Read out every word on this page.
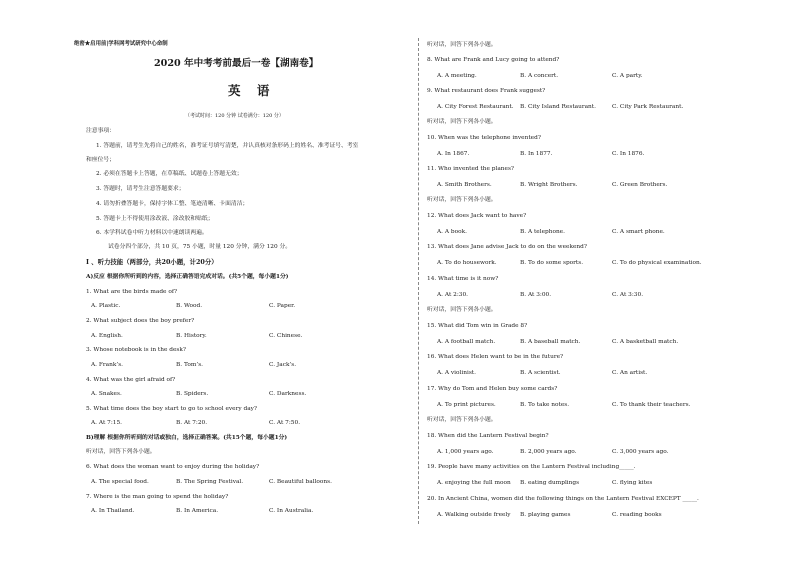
绝密★启用前|学科网考试研究中心命制
2020 年中考考前最后一卷【湖南卷】
英 语
（考试时间：120 分钟 试卷满分：120 分）
注意事项：
1. 答题前，请考生先将自己的姓名，准考证号填写清楚，并认真核对条形码上的姓名、准考证号、考室
和座位号；
2. 必须在答题卡上答题，在草稿纸、试题卷上答题无效；
3. 答题时，请考生注意答题要求；
4. 请勿折叠答题卡，保持字体工整、笔迹清晰、卡面清洁；
5. 答题卡上不得使用涂改液、涂改胶和贴纸；
6. 本学科试卷中听力材料以中速朗读两遍。
试卷分四个部分，共 10 页，75 小题，时量 120 分钟，满分 120 分。
I 、听力技能（两部分，共20小题，计20分）
A)反应 根据你所听到的内容，选择正确答语完成对话。(共5个题，每小题1分)
1. What are the birds made of?
A. Plastic.	B. Wood.	C. Paper.
2. What subject does the boy prefer?
A. English.	B. History.	C. Chinese.
3. Whose notebook is in the desk?
A. Frank’s.	B. Tom’s.	C. Jack’s.
4. What was the girl afraid of?
A. Snakes.	B. Spiders.	C. Darkness.
5. What time does the boy start to go to school every day?
A. At 7:15.	B. At 7:20.	C. At 7:50.
B)理解 根据你所听到的对话或独白，选择正确答案。(共15个题，每小题1分)
听对话，回答下列各小题。
6. What does the woman want to enjoy during the holiday?
A. The special food.	B. The Spring Festival.	C. Beautiful balloons.
7. Where is the man going to spend the holiday?
A. In Thailand.	B. In America.	C. In Australia.
听对话，回答下列各小题。
8. What are Frank and Lucy going to attend?
A. A meeting.	B. A concert.	C. A party.
9. What restaurant does Frank suggest?
A. City Forest Restaurant. B. City Island Restaurant.	C. City Park Restaurant.
听对话，回答下列各小题。
10. When was the telephone invented?
A. In 1867.	B. In 1877.	C. In 1876.
11. Who invented the planes?
A. Smith Brothers.	B. Wright Brothers.	C. Green Brothers.
听对话，回答下列各小题。
12. What does Jack want to have?
A. A book.	B. A telephone.	C. A smart phone.
13. What does Jane advise Jack to do on the weekend?
A. To do housework.	B. To do some sports.	C. To do physical examination.
14. What time is it now?
A. At 2:30.	B. At 3:00.	C. At 3:30.
听对话，回答下列各小题。
15. What did Tom win in Grade 8?
A. A football match.	B. A baseball match.	C. A basketball match.
16. What does Helen want to be in the future?
A. A violinist.	B. A scientist.	C. An artist.
17. Why do Tom and Helen buy some cards?
A. To print pictures.	B. To take notes.	C. To thank their teachers.
听对话，回答下列各小题。
18. When did the Lantern Festival begin?
A. 1,000 years ago.	B. 2,000 years ago.	C. 3,000 years ago.
19. People have many activities on the Lantern Festival including_____.
A. enjoying the full moon B. eating dumplings	C. flying kites
20. In Ancient China, women did the following things on the Lantern Festival EXCEPT _____.
A. Walking outside freely B. playing games	C. reading books
